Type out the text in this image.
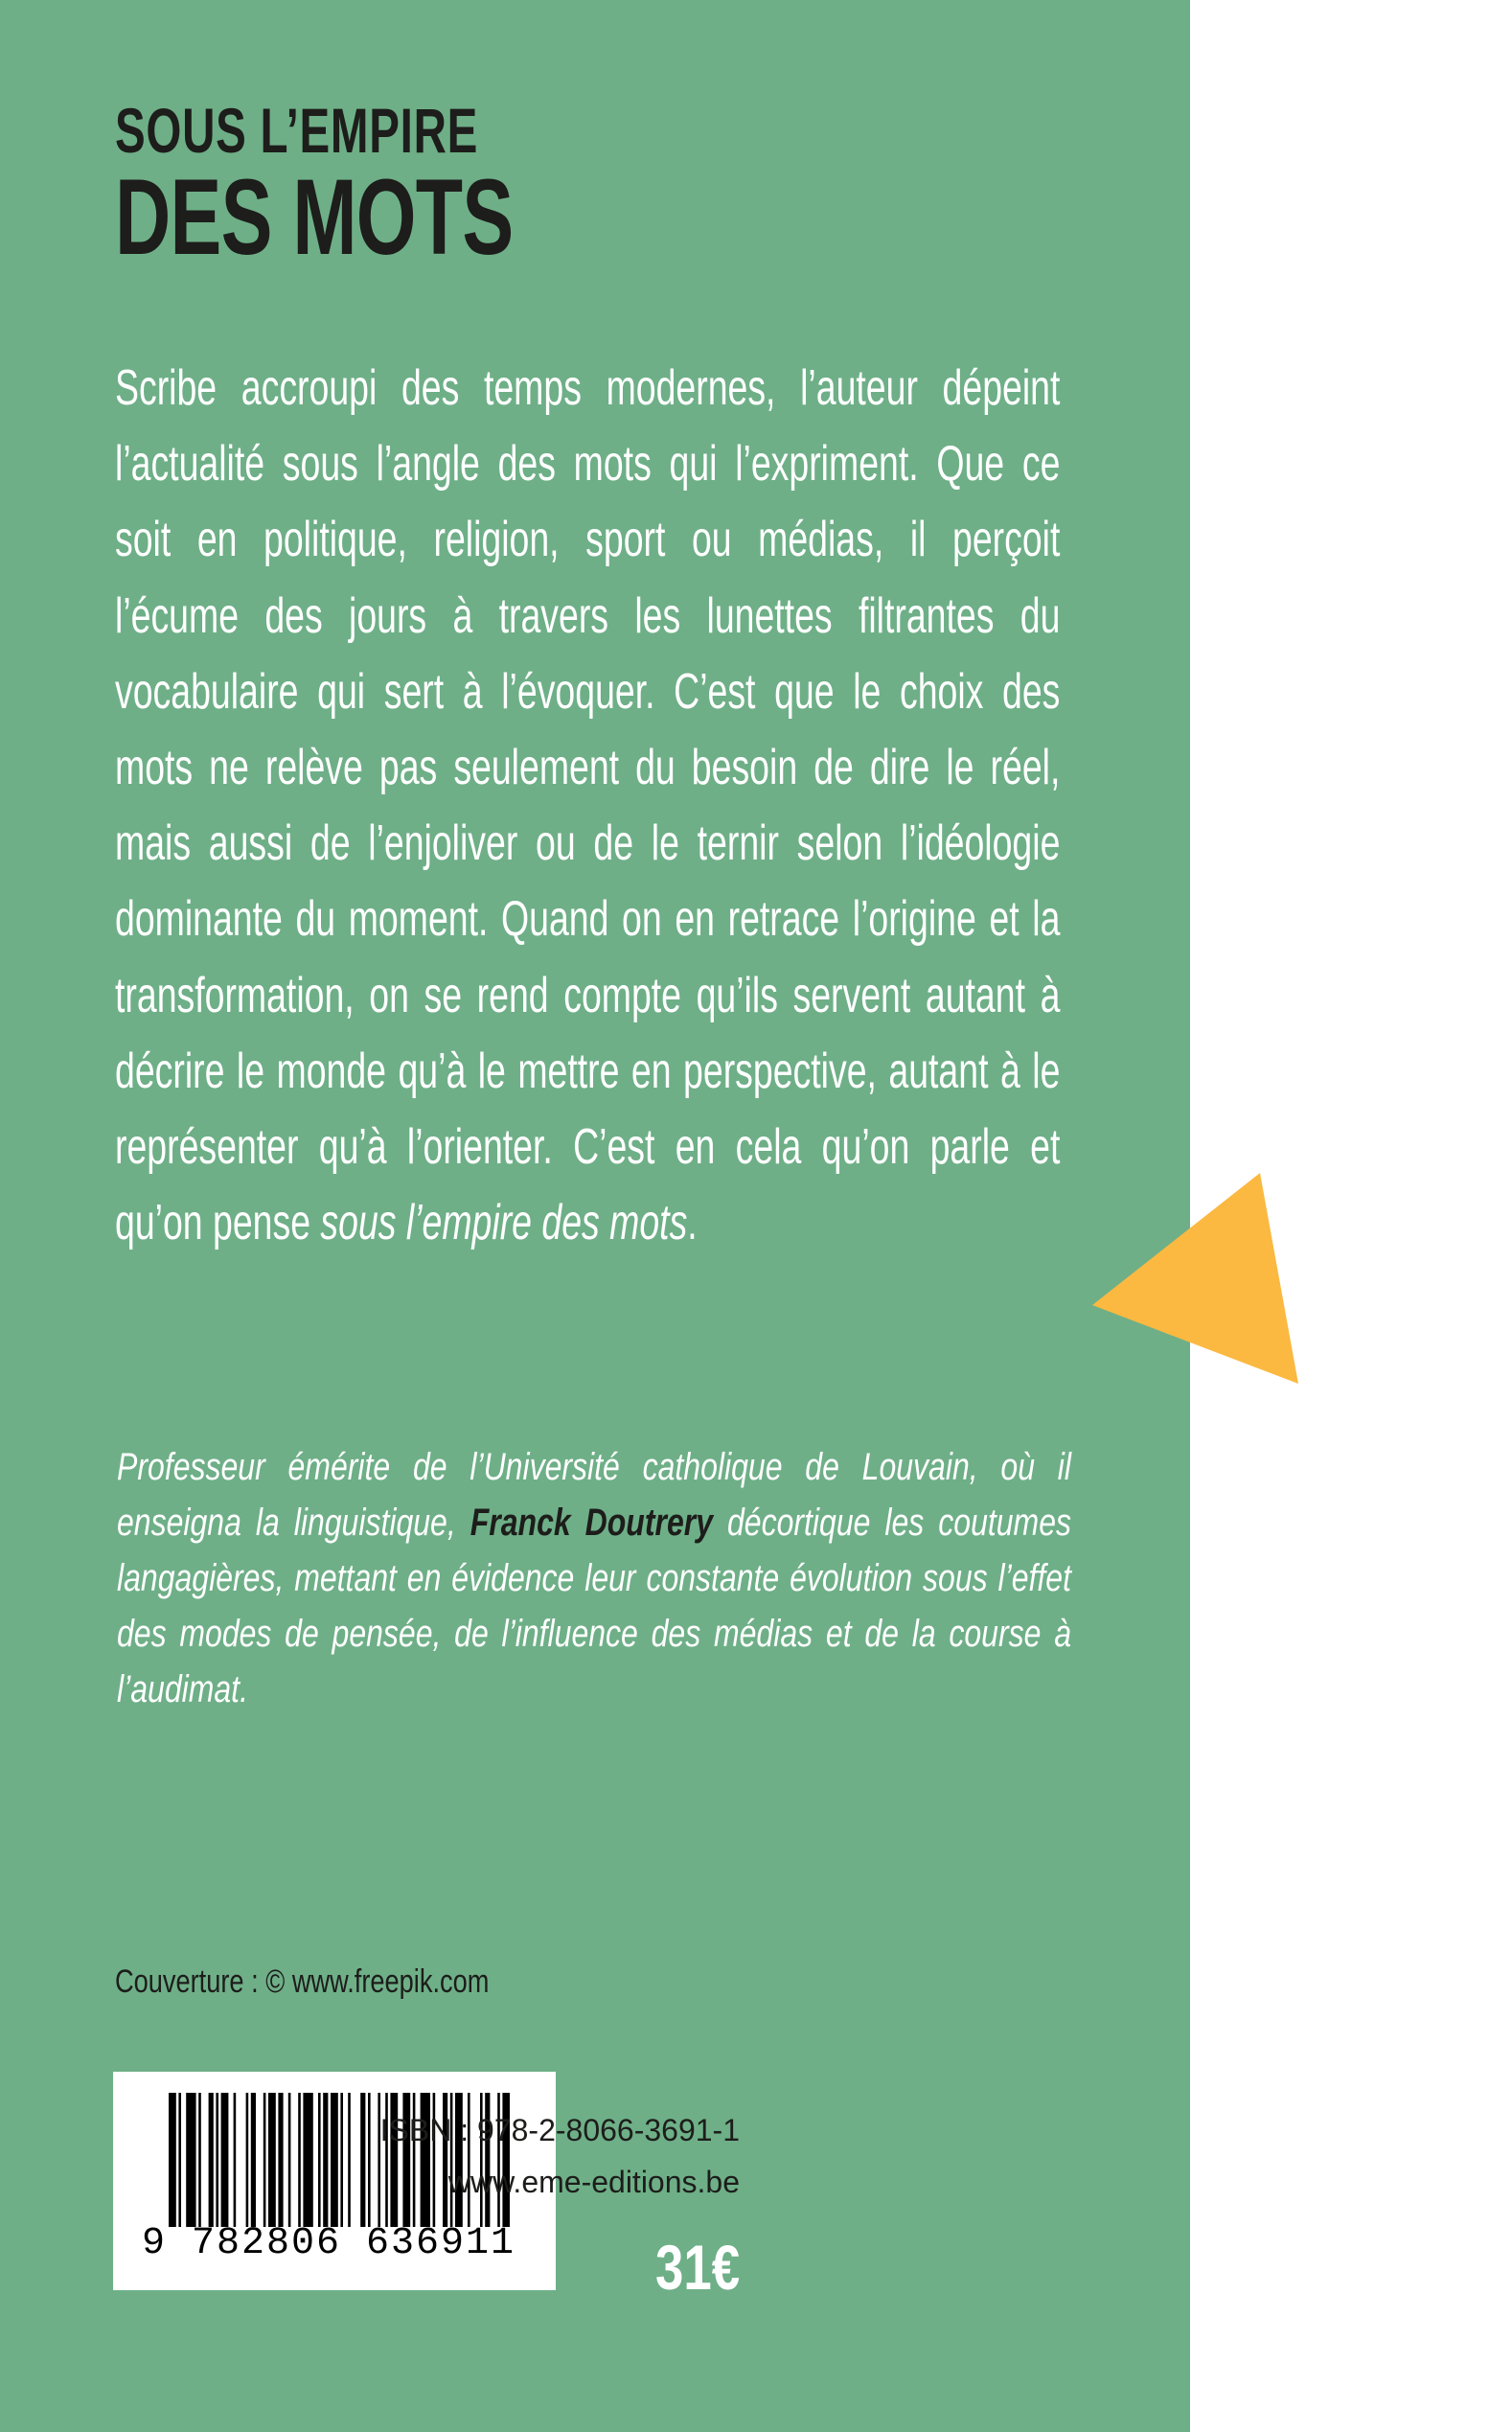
SOUS L’EMPIRE
DES MOTS
Scribe accroupi des temps modernes, l’auteur dépeint l’actualité sous l’angle des mots qui l’expriment. Que ce soit en politique, religion, sport ou médias, il perçoit l’écume des jours à travers les lunettes filtrantes du vocabulaire qui sert à l’évoquer. C’est que le choix des mots ne relève pas seulement du besoin de dire le réel, mais aussi de l’enjoliver ou de le ternir selon l’idéologie dominante du moment. Quand on en retrace l’origine et la transformation, on se rend compte qu’ils servent autant à décrire le monde qu’à le mettre en perspective, autant à le représenter qu’à l’orienter. C’est en cela qu’on parle et qu’on pense sous l’empire des mots.
Professeur émérite de l’Université catholique de Louvain, où il enseigna la linguistique, Franck Doutrery décortique les coutumes langagières, mettant en évidence leur constante évolution sous l’effet des modes de pensée, de l’influence des médias et de la course à l’audimat.
Couverture : © www.freepik.com
9 782806 636911
ISBN : 978-2-8066-3691-1
www.eme-editions.be
31€
